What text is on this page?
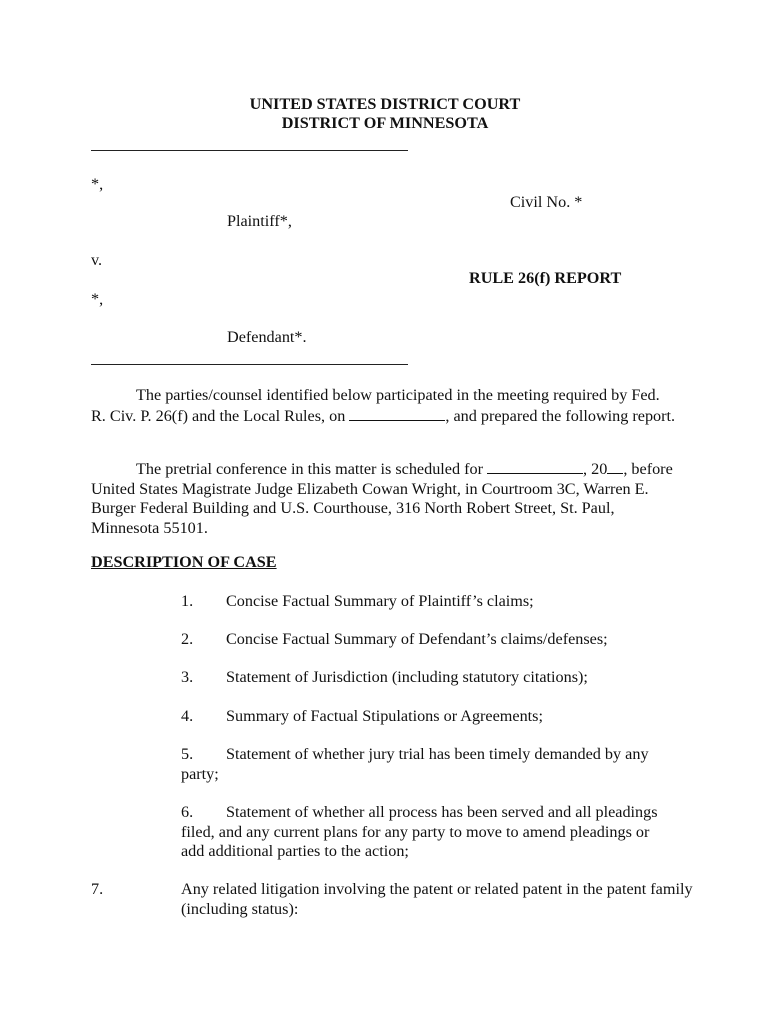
UNITED STATES DISTRICT COURT
DISTRICT OF MINNESOTA
*,
Civil No. *
Plaintiff*,
v.
RULE 26(f) REPORT
*,
Defendant*.
The parties/counsel identified below participated in the meeting required by Fed. R. Civ. P. 26(f) and the Local Rules, on	, and prepared the following report.
The pretrial conference in this matter is scheduled for	, 20 , before United States Magistrate Judge Elizabeth Cowan Wright, in Courtroom 3C, Warren E. Burger Federal Building and U.S. Courthouse, 316 North Robert Street, St. Paul, Minnesota 55101.
DESCRIPTION OF CASE
1. Concise Factual Summary of Plaintiff’s claims;
2. Concise Factual Summary of Defendant’s claims/defenses;
3. Statement of Jurisdiction (including statutory citations);
4. Summary of Factual Stipulations or Agreements;
5. Statement of whether jury trial has been timely demanded by any party;
6. Statement of whether all process has been served and all pleadings filed, and any current plans for any party to move to amend pleadings or add additional parties to the action;
7.	Any related litigation involving the patent or related patent in the patent family (including status):
